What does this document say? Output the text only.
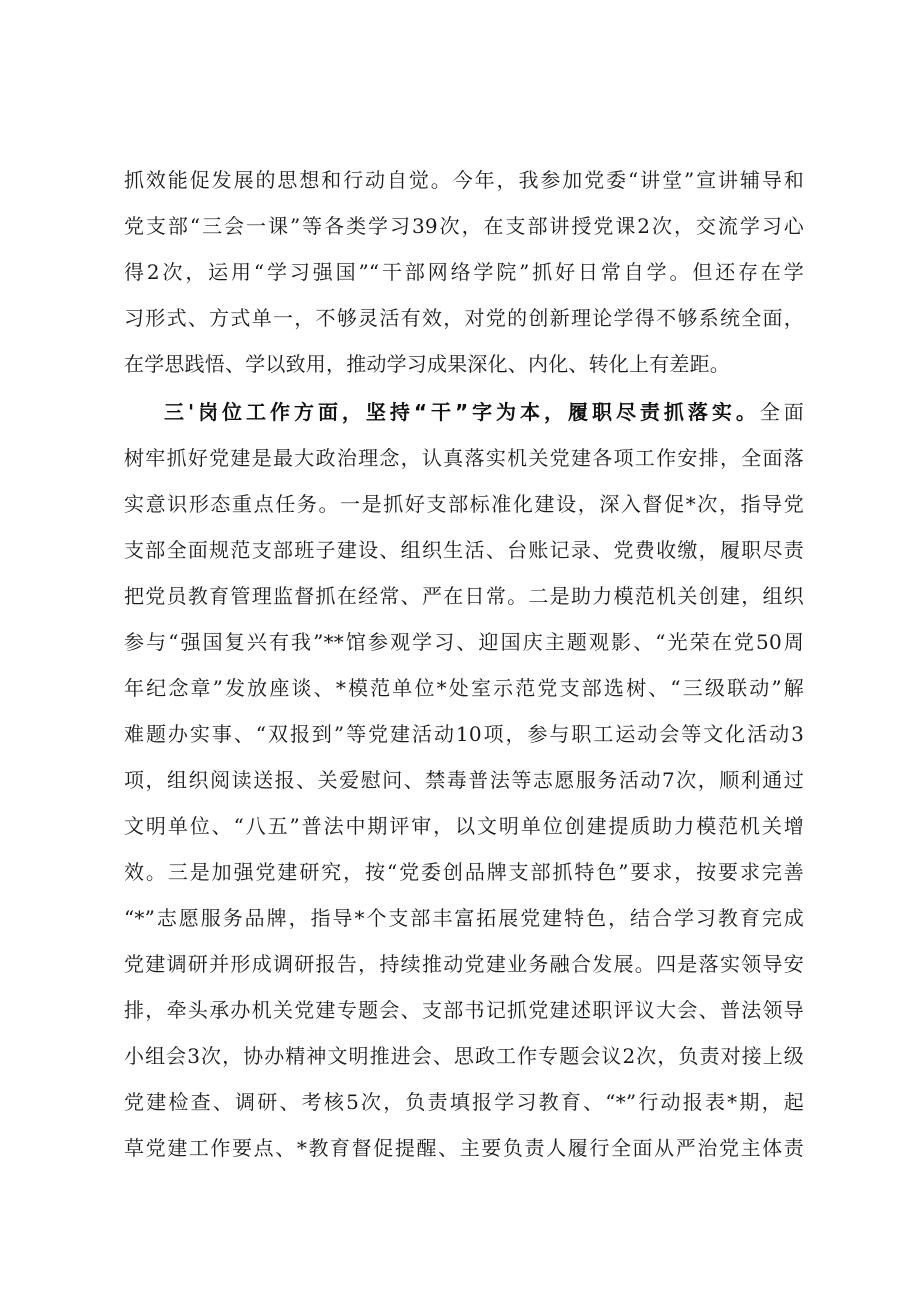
抓效能促发展的思想和行动自觉。今年，我参加党委“讲堂”宣讲辅导和
党支部“三会一课”等各类学习39次，在支部讲授党课2次，交流学习心
得2次，运用“学习强国”“干部网络学院”抓好日常自学。但还存在学
习形式、方式单一，不够灵活有效，对党的创新理论学得不够系统全面，
在学思践悟、学以致用，推动学习成果深化、内化、转化上有差距。
三'岗位工作方面，坚持“干”字为本，履职尽责抓落实。全面
树牢抓好党建是最大政治理念，认真落实机关党建各项工作安排，全面落
实意识形态重点任务。一是抓好支部标准化建设，深入督促*次，指导党
支部全面规范支部班子建设、组织生活、台账记录、党费收缴，履职尽责
把党员教育管理监督抓在经常、严在日常。二是助力模范机关创建，组织
参与“强国复兴有我”**馆参观学习、迎国庆主题观影、“光荣在党50周
年纪念章”发放座谈、*模范单位*处室示范党支部选树、“三级联动”解
难题办实事、“双报到”等党建活动10项，参与职工运动会等文化活动3
项，组织阅读送报、关爱慰问、禁毒普法等志愿服务活动7次，顺利通过
文明单位、“八五”普法中期评审，以文明单位创建提质助力模范机关增
效。三是加强党建研究，按“党委创品牌支部抓特色”要求，按要求完善
“*”志愿服务品牌，指导*个支部丰富拓展党建特色，结合学习教育完成
党建调研并形成调研报告，持续推动党建业务融合发展。四是落实领导安
排，牵头承办机关党建专题会、支部书记抓党建述职评议大会、普法领导
小组会3次，协办精神文明推进会、思政工作专题会议2次，负责对接上级
党建检查、调研、考核5次，负责填报学习教育、“*”行动报表*期，起
草党建工作要点、*教育督促提醒、主要负责人履行全面从严治党主体责
